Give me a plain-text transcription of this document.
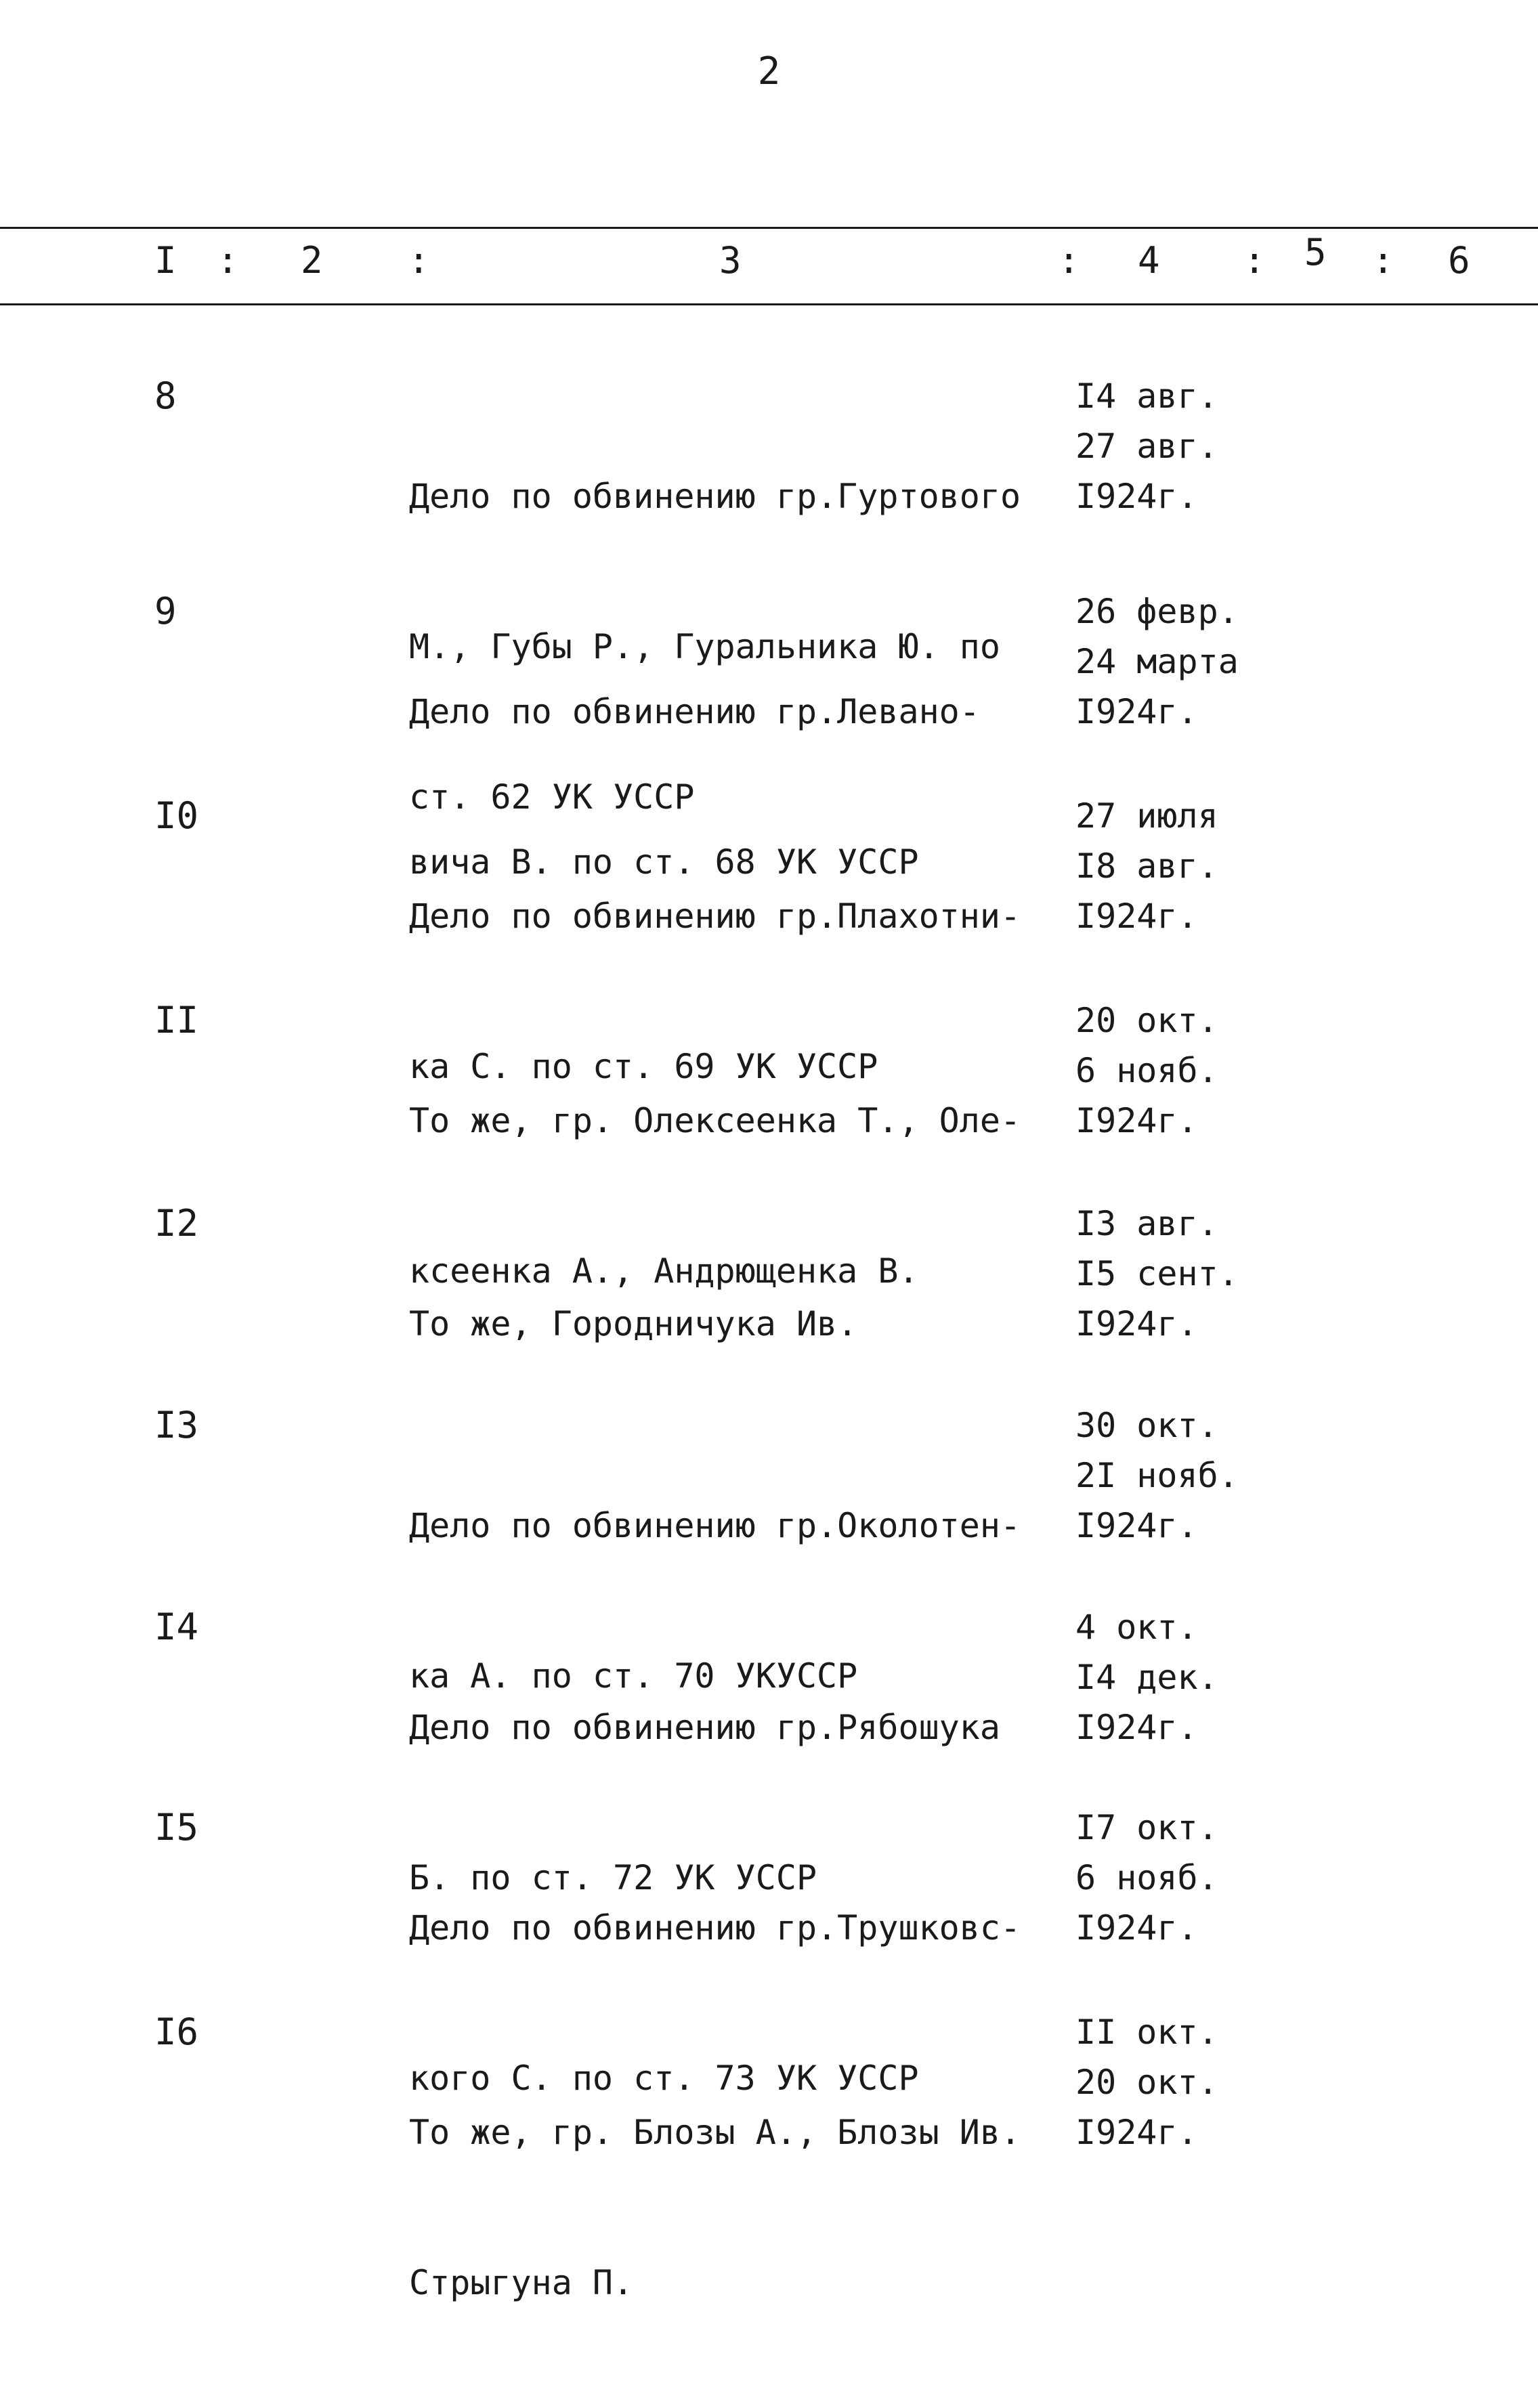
2
I : 2 :	3	: 4 : 5 : 6
8

Дело по обвинению гр.Гуртового

М., Губы Р., Гуральника Ю. по

ст. 62 УК УССР

I4 авг.
27 авг.
I924г.
9

Дело по обвинению гр.Левано-

вича В. по ст. 68 УК УССР

26 февр.
24 марта
I924г.
I0

Дело по обвинению гр.Плахотни-

ка С. по ст. 69 УК УССР

27 июля
I8 авг.
I924г.
II

То же, гр. Олексеенка Т., Оле-

ксеенка А., Андрющенка В.

20 окт.
6 нояб.
I924г.
I2

То же, Городничука Ив.

I3 авг.
I5 сент.
I924г.
I3

Дело по обвинению гр.Околотен-

ка А. по ст. 70 УКУССР

30 окт.
2I нояб.
I924г.
I4

Дело по обвинению гр.Рябошука

Б. по ст. 72 УК УССР

4 окт.
I4 дек.
I924г.
I5

Дело по обвинению гр.Трушковс-

кого С. по ст. 73 УК УССР

I7 окт.
6 нояб.
I924г.
I6

То же, гр. Блозы А., Блозы Ив.

Стрыгуна П.

II окт.
20 окт.
I924г.
